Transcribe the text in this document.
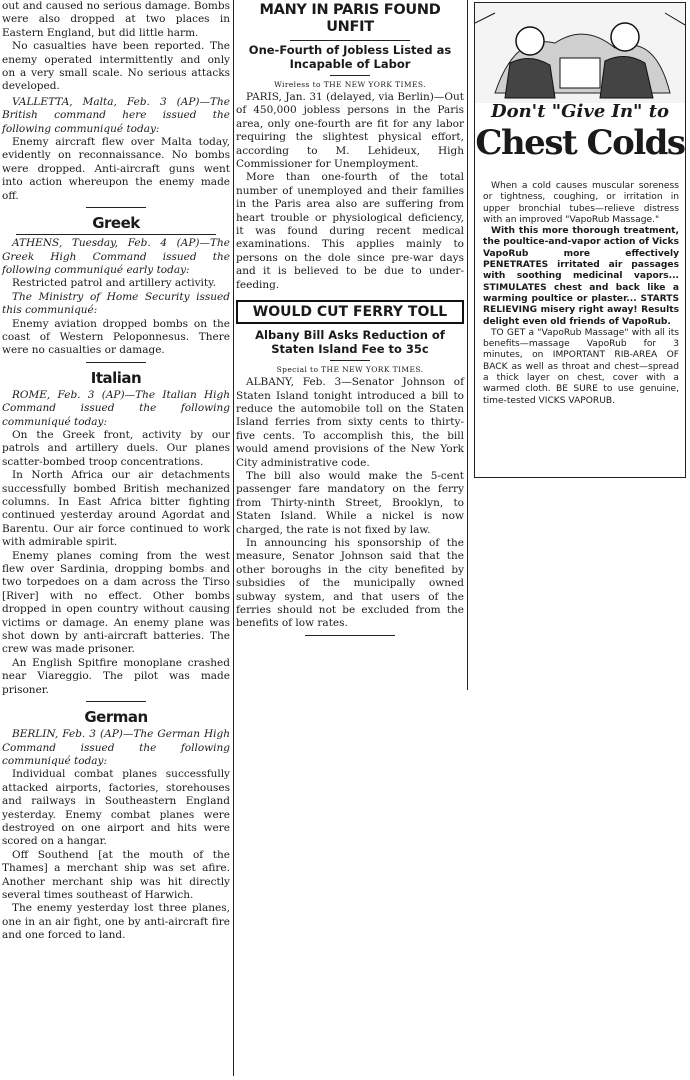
out and caused no serious damage. Bombs were also dropped at two places in Eastern England, but did little harm.

No casualties have been reported. The enemy operated intermittently and only on a very small scale. No serious attacks developed.

VALLETTA, Malta, Feb. 3 (AP)—The British command here issued the following communiqué today:

Enemy aircraft flew over Malta today, evidently on reconnaissance. No bombs were dropped. Anti-aircraft guns went into action whereupon the enemy made off.

Greek

ATHENS, Tuesday, Feb. 4 (AP)—The Greek High Command issued the following communiqué early today:

Restricted patrol and artillery activity.

The Ministry of Home Security issued this communiqué:

Enemy aviation dropped bombs on the coast of Western Peloponnesus. There were no casualties or damage.

Italian

ROME, Feb. 3 (AP)—The Italian High Command issued the following communiqué today:

On the Greek front, activity by our patrols and artillery duels. Our planes scatter-bombed troop concentrations.

In North Africa our air detachments successfully bombed British mechanized columns. In East Africa bitter fighting continued yesterday around Agordat and Barentu. Our air force continued to work with admirable spirit.

Enemy planes coming from the west flew over Sardinia, dropping bombs and two torpedoes on a dam across the Tirso [River] with no effect. Other bombs dropped in open country without causing victims or damage. An enemy plane was shot down by anti-aircraft batteries. The crew was made prisoner.

An English Spitfire monoplane crashed near Viareggio. The pilot was made prisoner.

German

BERLIN, Feb. 3 (AP)—The German High Command issued the following communiqué today:

Individual combat planes successfully attacked airports, factories, storehouses and railways in Southeastern England yesterday. Enemy combat planes were destroyed on one airport and hits were scored on a hangar.

Off Southend [at the mouth of the Thames] a merchant ship was set afire. Another merchant ship was hit directly several times southeast of Harwich.

The enemy yesterday lost three planes, one in an air fight, one by anti-aircraft fire and one forced to land.

MANY IN PARIS FOUND UNFIT
One-Fourth of Jobless Listed as Incapable of Labor
Wireless to THE NEW YORK TIMES.

PARIS, Jan. 31 (delayed, via Berlin)—Out of 450,000 jobless persons in the Paris area, only one-fourth are fit for any labor requiring the slightest physical effort, according to M. Lehideux, High Commissioner for Unemployment.

More than one-fourth of the total number of unemployed and their families in the Paris area also are suffering from heart trouble or physiological deficiency, it was found during recent medical examinations. This applies mainly to persons on the dole since pre-war days and it is believed to be due to under-feeding.

WOULD CUT FERRY TOLL
Albany Bill Asks Reduction of Staten Island Fee to 35c
Special to THE NEW YORK TIMES.

ALBANY, Feb. 3—Senator Johnson of Staten Island tonight introduced a bill to reduce the automobile toll on the Staten Island ferries from sixty cents to thirty-five cents. To accomplish this, the bill would amend provisions of the New York City administrative code.

The bill also would make the 5-cent passenger fare mandatory on the ferry from Thirty-ninth Street, Brooklyn, to Staten Island. While a nickel is now charged, the rate is not fixed by law.

In announcing his sponsorship of the measure, Senator Johnson said that the other boroughs in the city benefited by subsidies of the municipally owned subway system, and that users of the ferries should not be excluded from the benefits of low rates.

Don't "Give In" to
Chest Colds

When a cold causes muscular soreness or tightness, coughing, or irritation in upper bronchial tubes—relieve distress with an improved "VapoRub Massage."

With this more thorough treatment, the poultice-and-vapor action of Vicks VapoRub more effectively PENETRATES irritated air passages with soothing medicinal vapors... STIMULATES chest and back like a warming poultice or plaster... STARTS RELIEVING misery right away! Results delight even old friends of VapoRub.

TO GET a "VapoRub Massage" with all its benefits—massage VapoRub for 3 minutes, on IMPORTANT RIB-AREA OF BACK as well as throat and chest—spread a thick layer on chest, cover with a warmed cloth. BE SURE to use genuine, time-tested VICKS VAPORUB.
